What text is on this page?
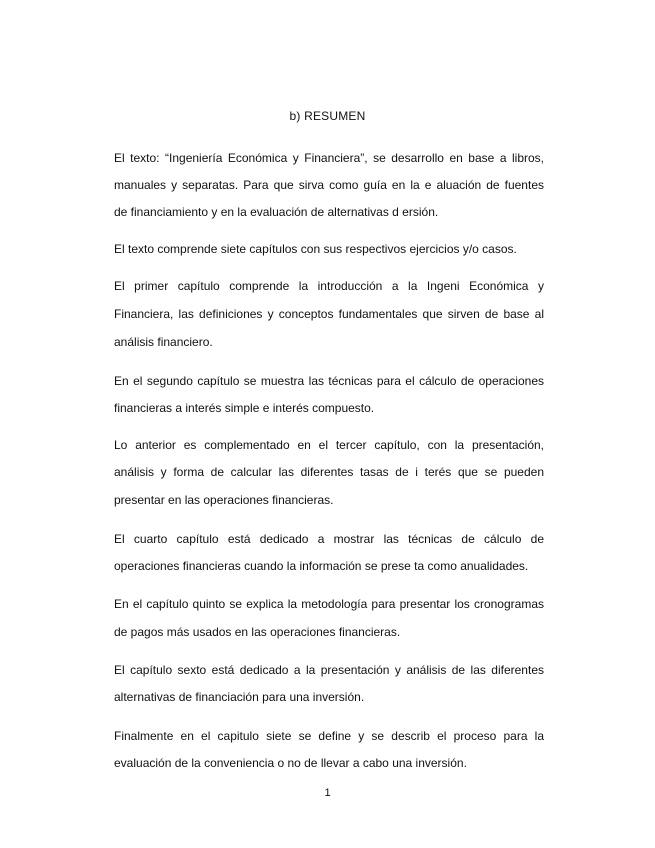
b) RESUMEN
El texto: “Ingeniería Económica y Financiera”, se desarrollo en base a libros,
manuales y separatas. Para que sirva como guía en la e aluación de fuentes
de financiamiento y en la evaluación de alternativas d ersión.
El texto comprende siete capítulos con sus respectivos ejercicios y/o casos.
El primer capítulo comprende la introducción a la Ingeni Económica y
Financiera, las definiciones y conceptos fundamentales que sirven de base al
análisis financiero.
En el segundo capítulo se muestra las técnicas para el cálculo de operaciones
financieras a interés simple e interés compuesto.
Lo anterior es complementado en el tercer capítulo, con la presentación,
análisis y forma de calcular las diferentes tasas de i terés que se pueden
presentar en las operaciones financieras.
El cuarto capítulo está dedicado a mostrar las técnicas de cálculo de
operaciones financieras cuando la información se prese ta como anualidades.
En el capítulo quinto se explica la metodología para presentar los cronogramas
de pagos más usados en las operaciones financieras.
El capítulo sexto está dedicado a la presentación y análisis de las diferentes
alternativas de financiación para una inversión.
Finalmente en el capitulo siete se define y se describ el proceso para la
evaluación de la conveniencia o no de llevar a cabo una inversión.
1
